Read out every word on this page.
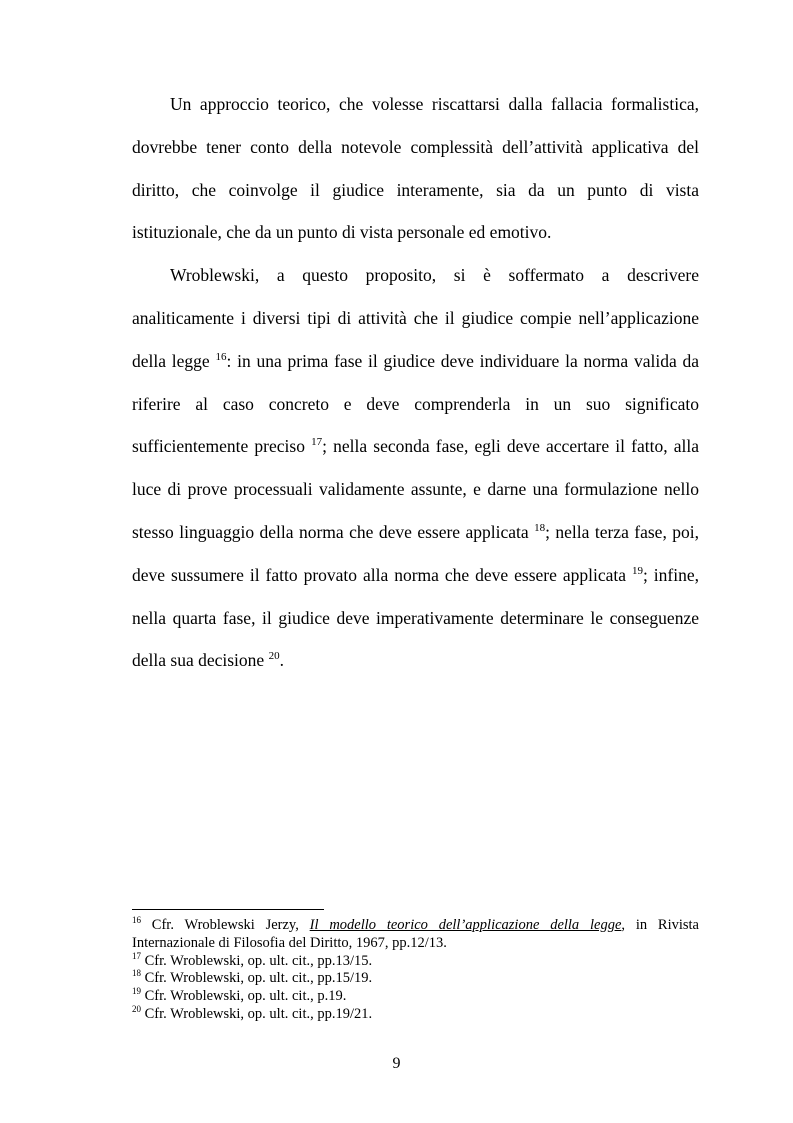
Un approccio teorico, che volesse riscattarsi dalla fallacia formalistica, dovrebbe tener conto della notevole complessità dell’attività applicativa del diritto, che coinvolge il giudice interamente, sia da un punto di vista istituzionale, che da un punto di vista personale ed emotivo.

Wroblewski, a questo proposito, si è soffermato a descrivere analiticamente i diversi tipi di attività che il giudice compie nell’applicazione della legge $^{16}$: in una prima fase il giudice deve individuare la norma valida da riferire al caso concreto e deve comprenderla in un suo significato sufficientemente preciso $^{17}$; nella seconda fase, egli deve accertare il fatto, alla luce di prove processuali validamente assunte, e darne una formulazione nello stesso linguaggio della norma che deve essere applicata $^{18}$; nella terza fase, poi, deve sussumere il fatto provato alla norma che deve essere applicata $^{19}$; infine, nella quarta fase, il giudice deve imperativamente determinare le conseguenze della sua decisione $^{20}$.

$^{16}$ Cfr. Wroblewski Jerzy, Il modello teorico dell’applicazione della legge, in Rivista Internazionale di Filosofia del Diritto, 1967, pp.12/13.

$^{17}$ Cfr. Wroblewski, op. ult. cit., pp.13/15.

$^{18}$ Cfr. Wroblewski, op. ult. cit., pp.15/19.

$^{19}$ Cfr. Wroblewski, op. ult. cit., p.19.

$^{20}$ Cfr. Wroblewski, op. ult. cit., pp.19/21.

9
